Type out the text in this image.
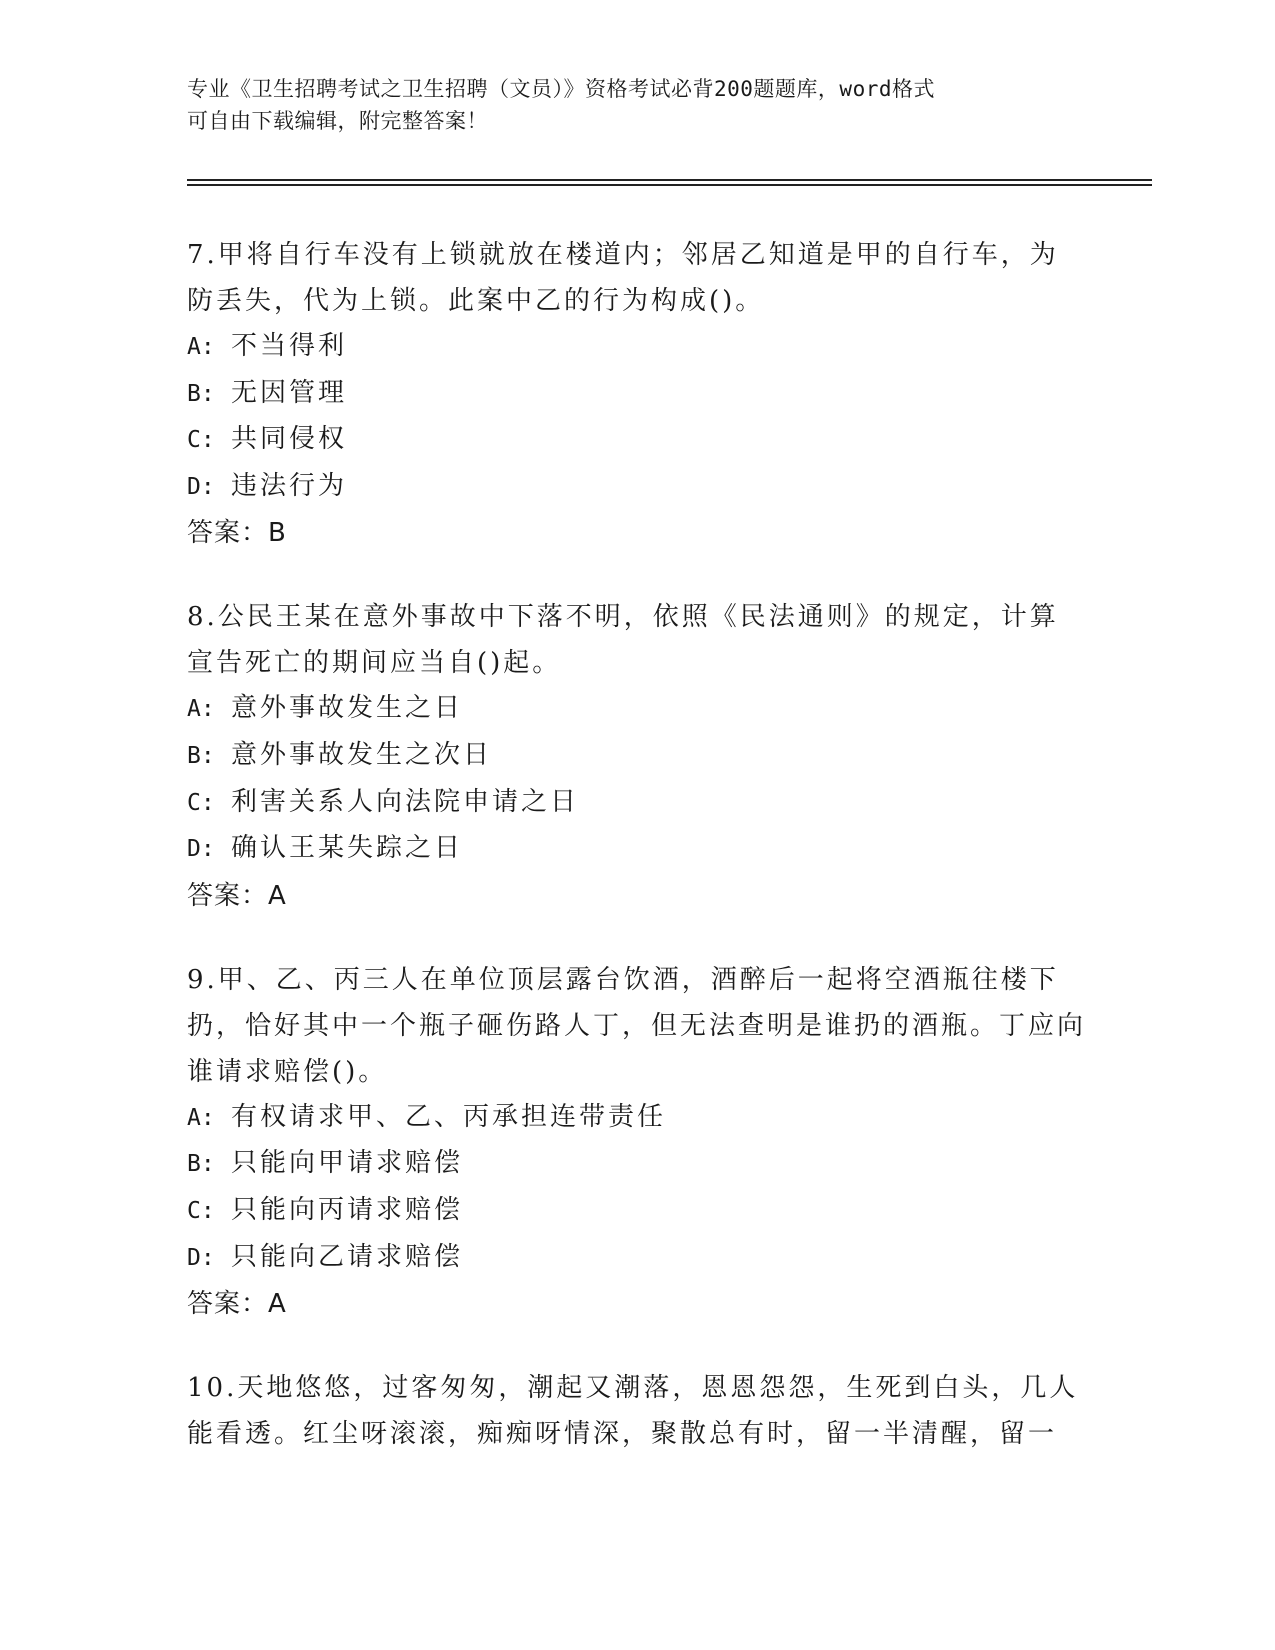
专业《卫生招聘考试之卫生招聘（文员）》资格考试必背200题题库，word格式
可自由下载编辑，附完整答案！

7.甲将自行车没有上锁就放在楼道内；邻居乙知道是甲的自行车，为防丢失，代为上锁。此案中乙的行为构成()。

A: 不当得利
B: 无因管理
C: 共同侵权
D: 违法行为
答案：B

8.公民王某在意外事故中下落不明，依照《民法通则》的规定，计算宣告死亡的期间应当自()起。

A: 意外事故发生之日
B: 意外事故发生之次日
C: 利害关系人向法院申请之日
D: 确认王某失踪之日
答案：A

9.甲、乙、丙三人在单位顶层露台饮酒，酒醉后一起将空酒瓶往楼下扔，恰好其中一个瓶子砸伤路人丁，但无法查明是谁扔的酒瓶。丁应向谁请求赔偿()。

A: 有权请求甲、乙、丙承担连带责任
B: 只能向甲请求赔偿
C: 只能向丙请求赔偿
D: 只能向乙请求赔偿
答案：A

10.天地悠悠，过客匆匆，潮起又潮落，恩恩怨怨，生死到白头，几人能看透。红尘呀滚滚，痴痴呀情深，聚散总有时，留一半清醒，留一
